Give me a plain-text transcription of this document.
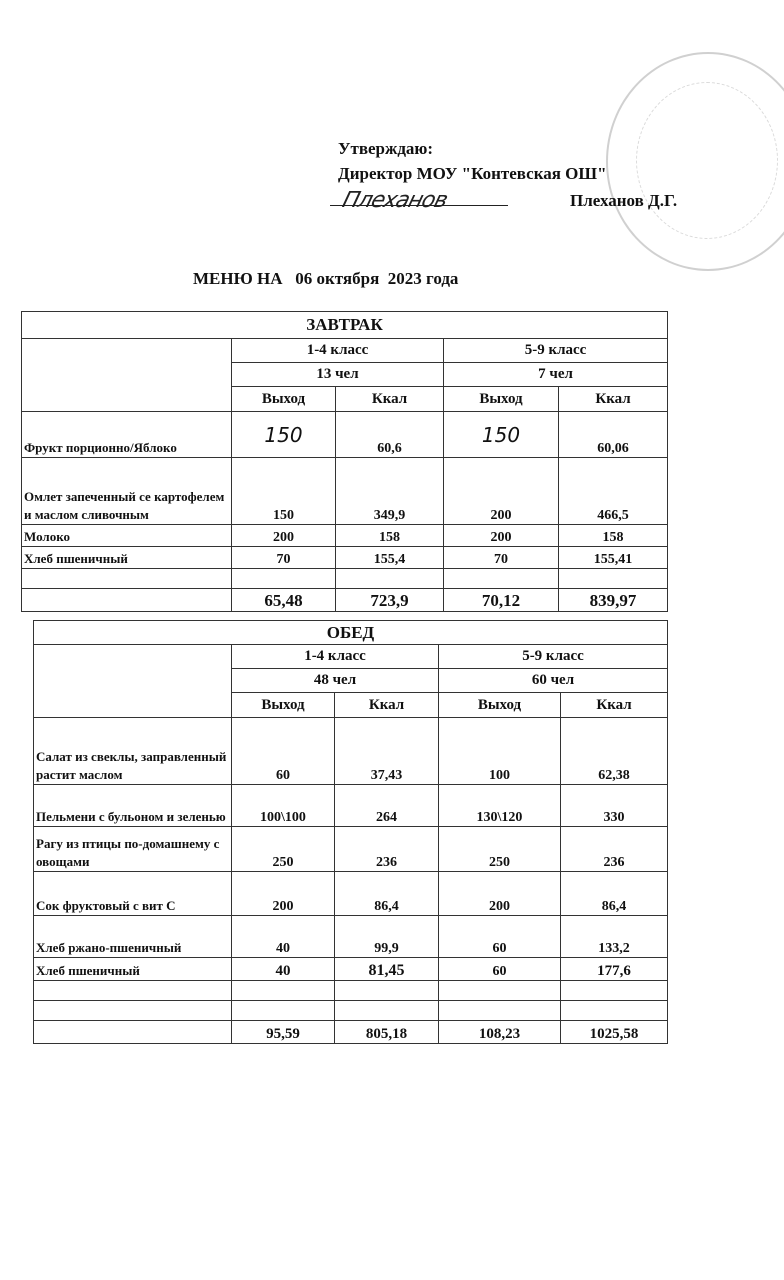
Утверждаю:
Директор МОУ "Контевская ОШ"
Плеханов	Плеханов Д.Г.
МЕНЮ НА   06 октября  2023 года
ЗАВТРАК				
	1-4 класс		5-9 класс	
	13 чел		7 чел	
	Выход	Ккал	Выход	Ккал
Фрукт порционно/Яблоко	150	60,6	150	60,06
Омлет запеченный се картофелем и маслом сливочным	150	349,9	200	466,5
Молоко	200	158	200	158
Хлеб пшеничный	70	155,4	70	155,41

	65,48	723,9	70,12	839,97
ОБЕД				
	1-4 класс		5-9 класс	
	48 чел		60 чел	
	Выход	Ккал	Выход	Ккал
Салат из свеклы, заправленный растит маслом	60	37,43	100	62,38
Пельмени с бульоном и зеленью	100\100	264	130\120	330
Рагу из птицы по-домашнему с овощами	250	236	250	236
Сок фруктовый с вит С	200	86,4	200	86,4
Хлеб ржано-пшеничный	40	99,9	60	133,2
Хлеб пшеничный	40	81,45	60	177,6

	95,59	805,18	108,23	1025,58
